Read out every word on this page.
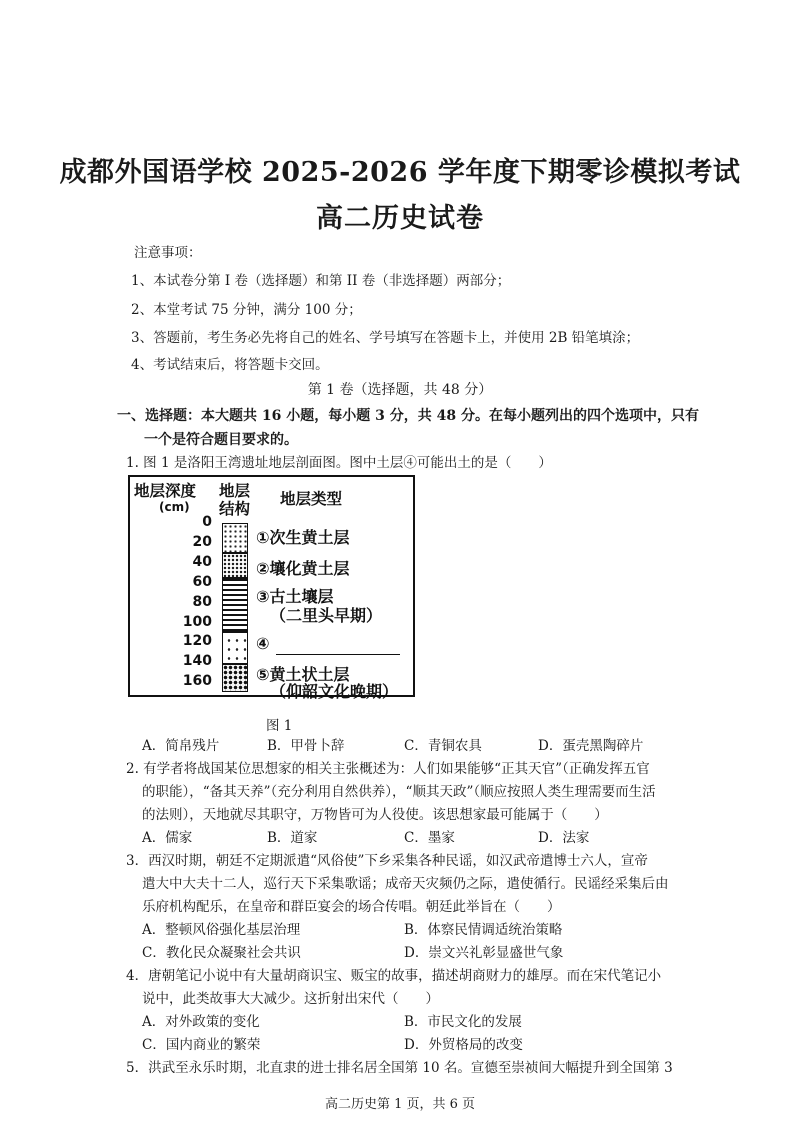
成都外国语学校 2025-2026 学年度下期零诊模拟考试
高二历史试卷
注意事项：
1、本试卷分第 I 卷（选择题）和第 II 卷（非选择题）两部分；
2、本堂考试 75 分钟，满分 100 分；
3、答题前，考生务必先将自己的姓名、学号填写在答题卡上，并使用 2B 铅笔填涂；
4、考试结束后，将答题卡交回。
第 1 卷（选择题，共 48 分）
一、选择题：本大题共 16 小题，每小题 3 分，共 48 分。在每小题列出的四个选项中，只有
一个是符合题目要求的。
1. 图 1 是洛阳王湾遗址地层剖面图。图中土层④可能出土的是（　　）
地层深度
(cm)
地层
结构
地层类型
0
20
40
60
80
100
120
140
160
①次生黄土层
②壤化黄土层
③古土壤层
（二里头早期）
④
⑤黄土状土层
（仰韶文化晚期）
图 1
A．简帛残片	B．甲骨卜辞	C．青铜农具	D．蛋壳黑陶碎片
2. 有学者将战国某位思想家的相关主张概述为：人们如果能够“正其天官”（正确发挥五官
的职能），“备其天养”（充分利用自然供养），“顺其天政”（顺应按照人类生理需要而生活
的法则），天地就尽其职守，万物皆可为人役使。该思想家最可能属于（　　）
A．儒家	B．道家	C．墨家	D．法家
3．西汉时期，朝廷不定期派遣“风俗使”下乡采集各种民谣，如汉武帝遣博士六人，宣帝
遣大中大夫十二人，巡行天下采集歌谣；成帝天灾频仍之际，遣使循行。民谣经采集后由
乐府机构配乐，在皇帝和群臣宴会的场合传唱。朝廷此举旨在（　　）
A．整顿风俗强化基层治理	B．体察民情调适统治策略
C．教化民众凝聚社会共识	D．崇文兴礼彰显盛世气象
4．唐朝笔记小说中有大量胡商识宝、贩宝的故事，描述胡商财力的雄厚。而在宋代笔记小
说中，此类故事大大减少。这折射出宋代（　　）
A．对外政策的变化	B．市民文化的发展
C．国内商业的繁荣	D．外贸格局的改变
5．洪武至永乐时期，北直隶的进士排名居全国第 10 名。宣德至崇祯间大幅提升到全国第 3
高二历史第 1 页，共 6 页
